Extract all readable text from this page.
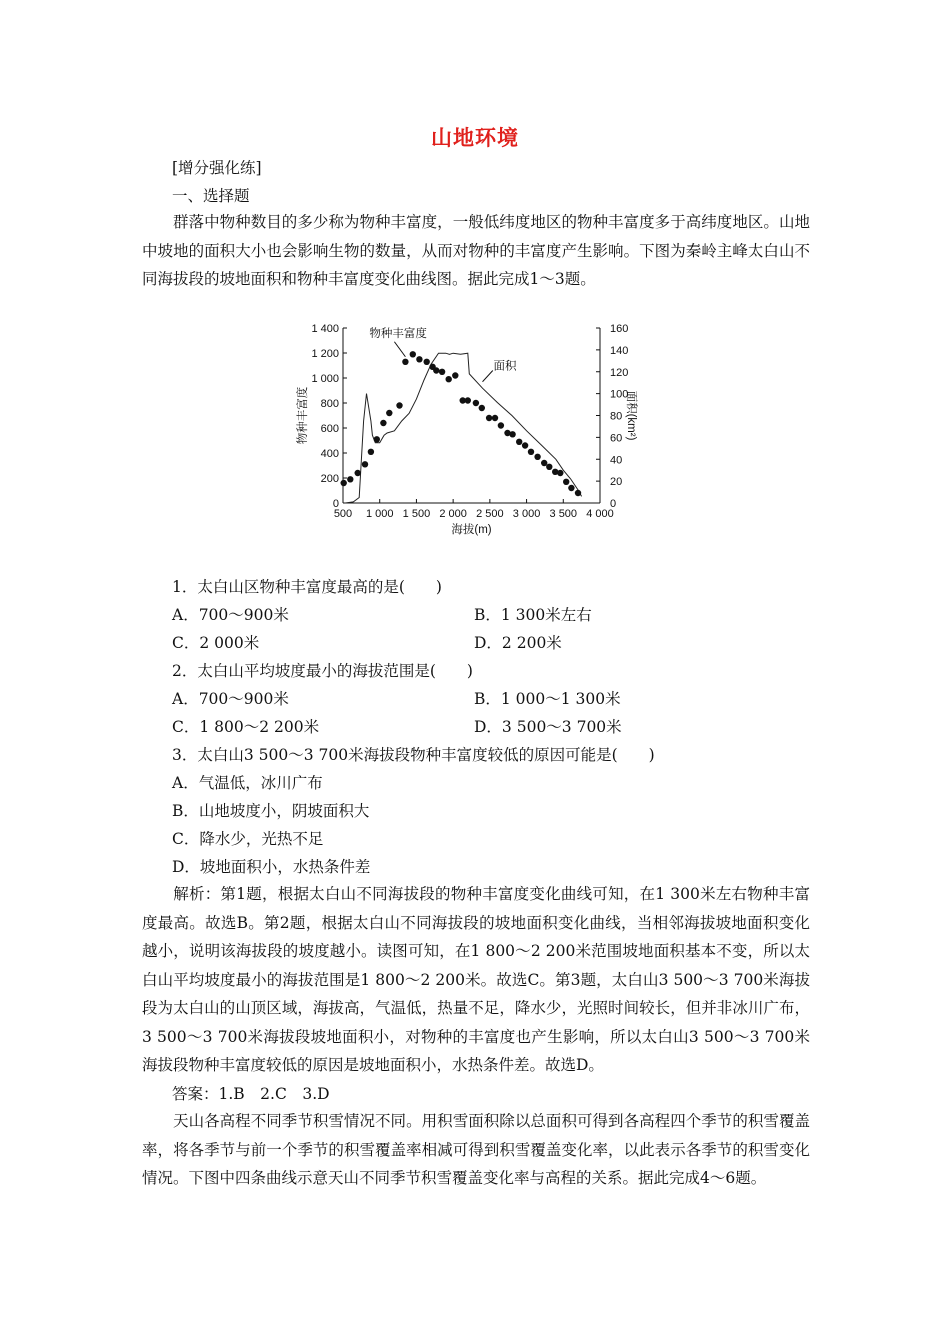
山地环境
[增分强化练]
一、选择题
群落中物种数目的多少称为物种丰富度，一般低纬度地区的物种丰富度多于高纬度地区。山地中坡地的面积大小也会影响生物的数量，从而对物种的丰富度产生影响。下图为秦岭主峰太白山不同海拔段的坡地面积和物种丰富度变化曲线图。据此完成1～3题。
500 1 000 1 500 2 000 2 500 3 000 3 500 4 000
0
200
400
600
800
1 000
1 200
1 400
0
20
40
60
80
100
120
140
160
海拔(m)
物种丰富度	面积(km²)
物种丰富度
面积
1．太白山区物种丰富度最高的是(　　)
A．700～900米	B．1 300米左右
C．2 000米	D．2 200米
2．太白山平均坡度最小的海拔范围是(　　)
A．700～900米	B．1 000～1 300米
C．1 800～2 200米	D．3 500～3 700米
3．太白山3 500～3 700米海拔段物种丰富度较低的原因可能是(　　)
A．气温低，冰川广布
B．山地坡度小，阴坡面积大
C．降水少，光热不足
D．坡地面积小，水热条件差
解析：第1题，根据太白山不同海拔段的物种丰富度变化曲线可知，在1 300米左右物种丰富度最高。故选B。第2题，根据太白山不同海拔段的坡地面积变化曲线，当相邻海拔坡地面积变化越小，说明该海拔段的坡度越小。读图可知，在1 800～2 200米范围坡地面积基本不变，所以太白山平均坡度最小的海拔范围是1 800～2 200米。故选C。第3题，太白山3 500～3 700米海拔段为太白山的山顶区域，海拔高，气温低，热量不足，降水少，光照时间较长，但并非冰川广布，3 500～3 700米海拔段坡地面积小，对物种的丰富度也产生影响，所以太白山3 500～3 700米海拔段物种丰富度较低的原因是坡地面积小，水热条件差。故选D。
答案：1.B　2.C　3.D
天山各高程不同季节积雪情况不同。用积雪面积除以总面积可得到各高程四个季节的积雪覆盖率，将各季节与前一个季节的积雪覆盖率相减可得到积雪覆盖变化率，以此表示各季节的积雪变化情况。下图中四条曲线示意天山不同季节积雪覆盖变化率与高程的关系。据此完成4～6题。
